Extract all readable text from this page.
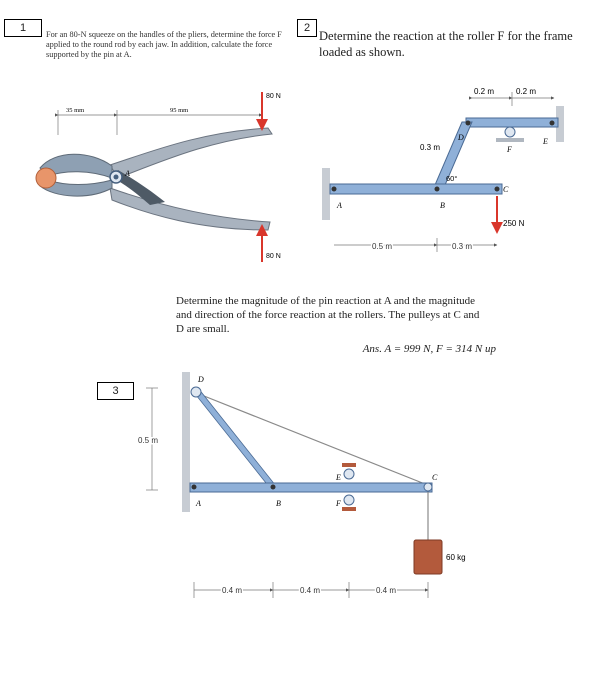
1
For an 80-N squeeze on the handles of the pliers, determine the force F applied to the round rod by each jaw. In addition, calculate the force supported by the pin at A.
2
Determine the reaction at the roller F for the frame loaded as shown.
3
Determine the magnitude of the pin reaction at A and the magnitude and direction of the force reaction at the rollers. The pulleys at C and D are small.
Ans. A = 999 N, F = 314 N up
35 mm	95 mm
A
80 N
80 N
0.2 m	0.2 m
A	B
C
D	E
F
0.3 m
60°
250 N
0.5 m	0.3 m
0.5 m
D
A	B
C
E
F
60 kg
0.4 m	0.4 m	0.4 m
